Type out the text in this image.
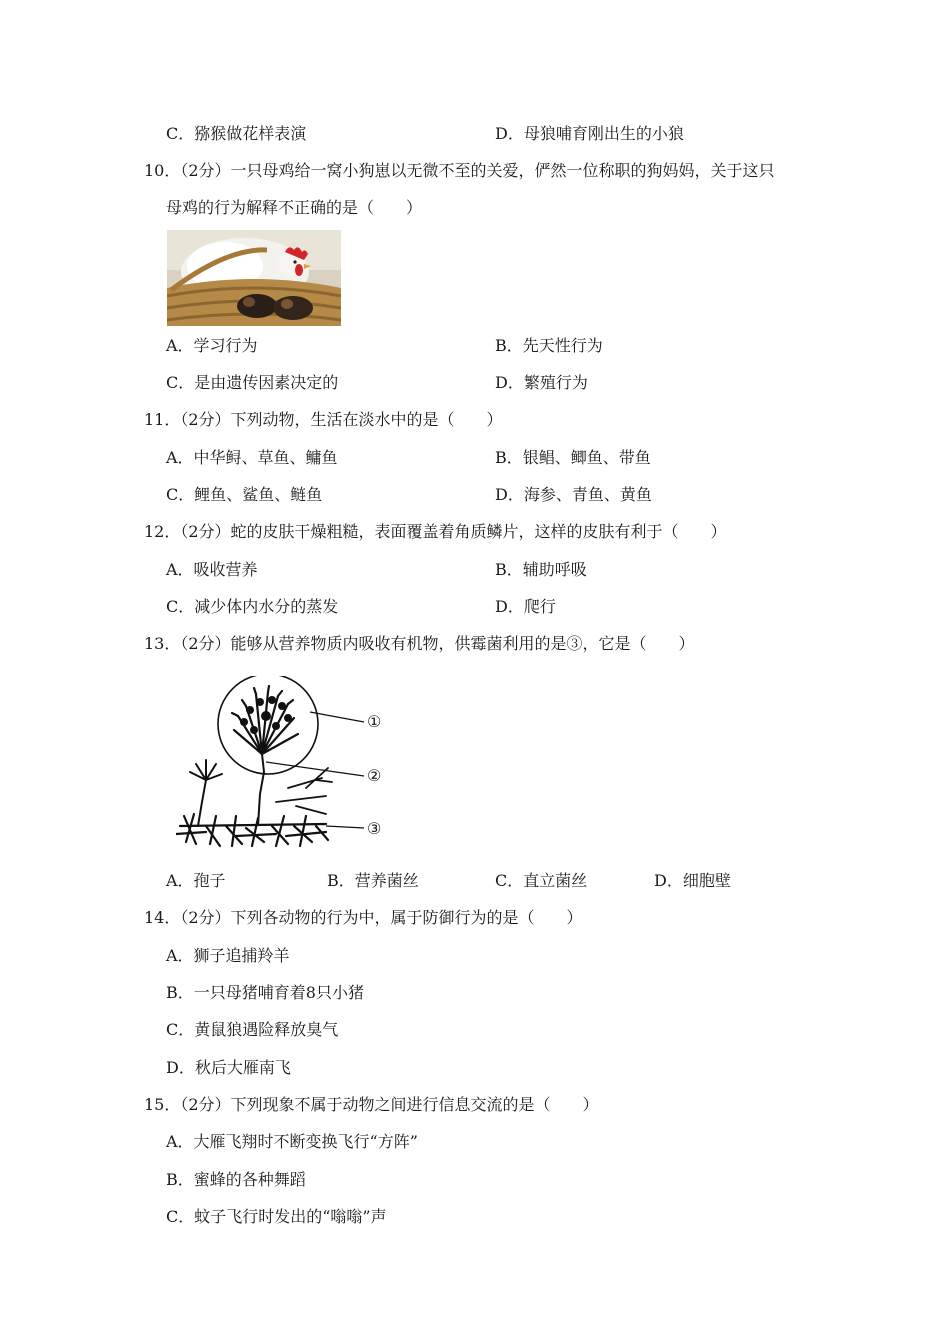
C．猕猴做花样表演	D．母狼哺育刚出生的小狼
10．（2分）一只母鸡给一窝小狗崽以无微不至的关爱，俨然一位称职的狗妈妈，关于这只
母鸡的行为解释不正确的是（　　）
A．学习行为	B．先天性行为
C．是由遗传因素决定的	D．繁殖行为
11．（2分）下列动物，生活在淡水中的是（　　）
A．中华鲟、草鱼、鳙鱼	B．银鲳、鲫鱼、带鱼
C．鲤鱼、鲨鱼、鲢鱼	D．海参、青鱼、黄鱼
12．（2分）蛇的皮肤干燥粗糙，表面覆盖着角质鳞片，这样的皮肤有利于（　　）
A．吸收营养	B．辅助呼吸
C．减少体内水分的蒸发	D．爬行
13．（2分）能够从营养物质内吸收有机物，供霉菌利用的是③，它是（　　）
①
②
③
A．孢子	B．营养菌丝	C．直立菌丝	D．细胞壁
14．（2分）下列各动物的行为中，属于防御行为的是（　　）
A．狮子追捕羚羊
B．一只母猪哺育着8只小猪
C．黄鼠狼遇险释放臭气
D．秋后大雁南飞
15．（2分）下列现象不属于动物之间进行信息交流的是（　　）
A．大雁飞翔时不断变换飞行“方阵”
B．蜜蜂的各种舞蹈
C．蚊子飞行时发出的“嗡嗡”声
